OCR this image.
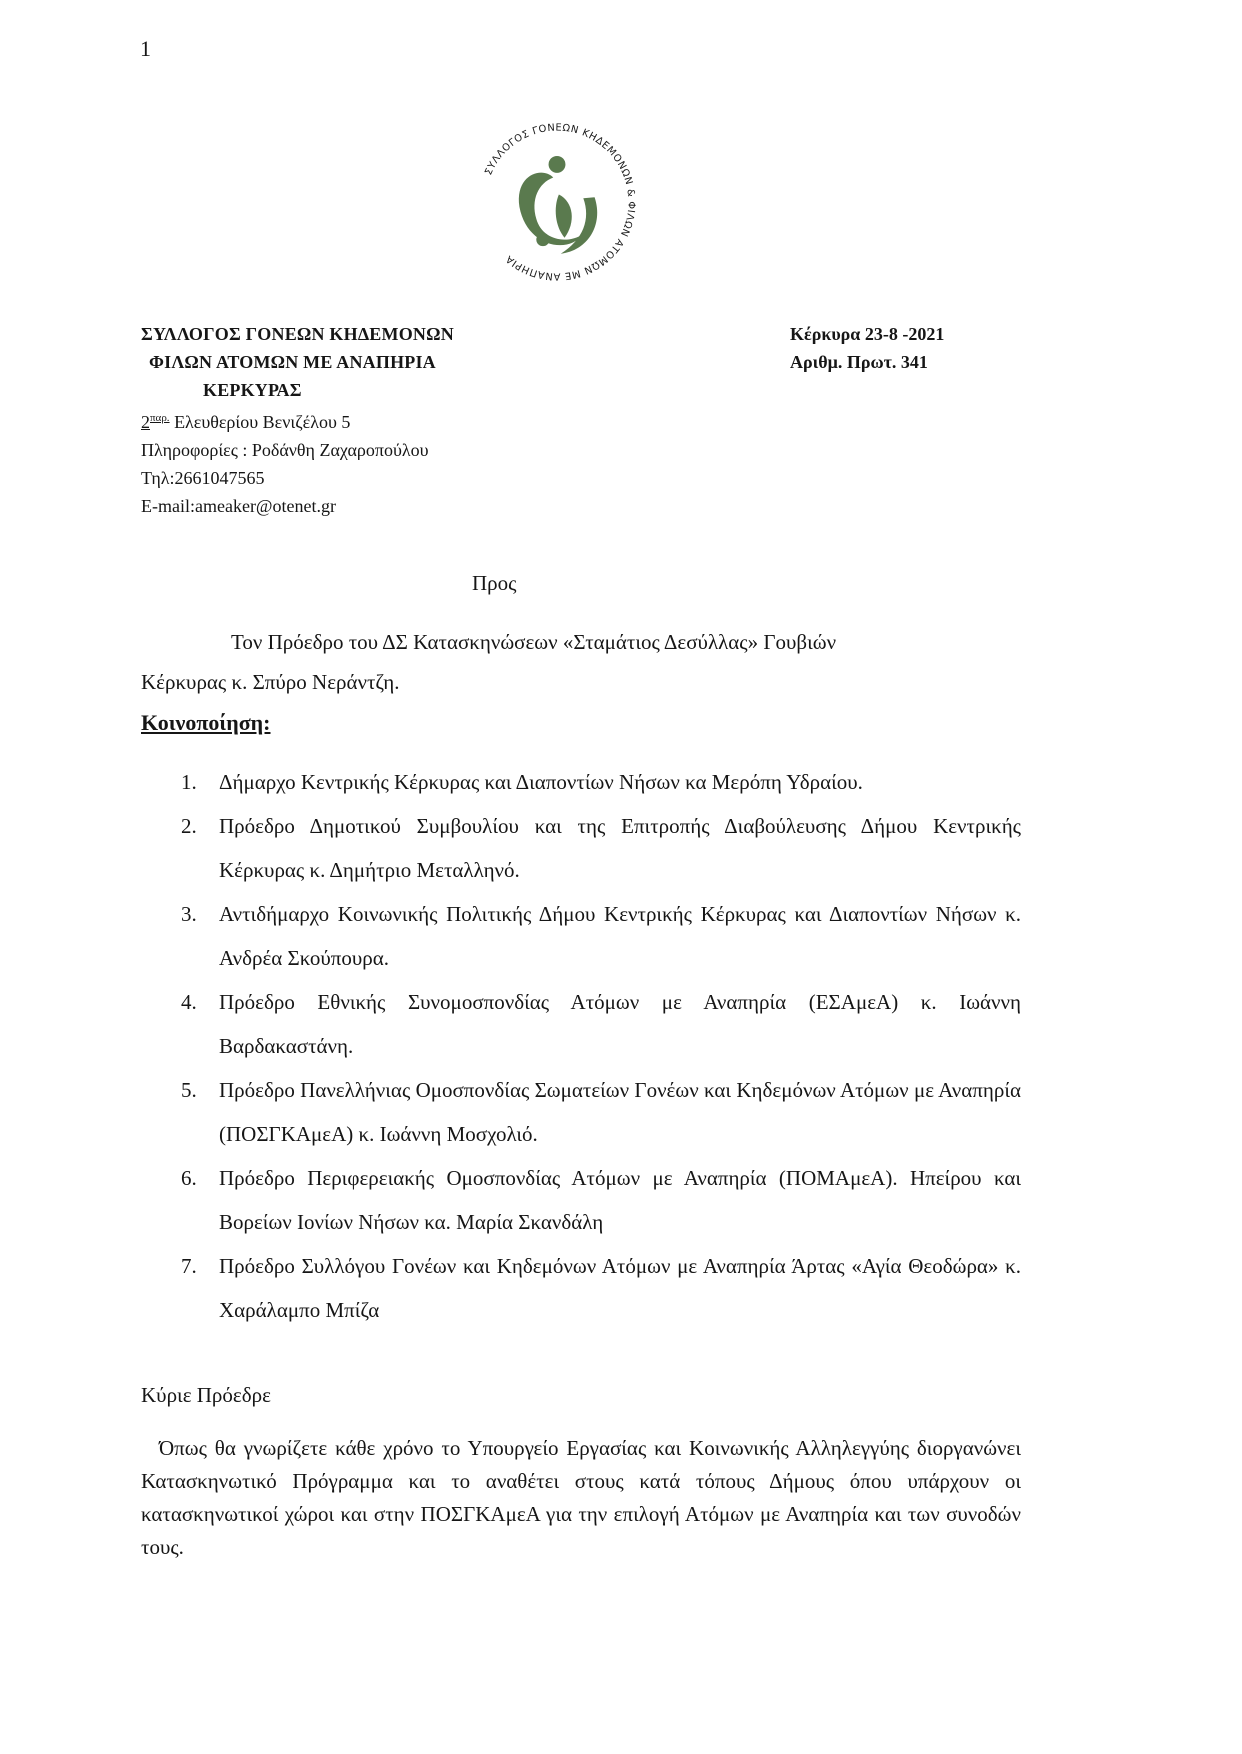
1
ΣΥΛΛΟΓΟΣ ΓΟΝΕΩΝ ΚΗΔΕΜΟΝΩΝ & ΦΙΛΩΝ ΑΤΟΜΩΝ ΜΕ ΑΝΑΠΗΡΙΑ
ΣΥΛΛΟΓΟΣ ΓΟΝΕΩΝ ΚΗΔΕΜΟΝΩΝ
ΦΙΛΩΝ ΑΤΟΜΩΝ ΜΕ ΑΝΑΠΗΡΙΑ
ΚΕΡΚΥΡΑΣ
$2^{\pi\alpha\rho.}$ Ελευθερίου Βενιζέλου 5
Πληροφορίες : Ροδάνθη Ζαχαροπούλου
Τηλ:2661047565
E-mail:ameaker@otenet.gr
Κέρκυρα 23-8 -2021
Αριθμ. Πρωτ. 341
Προς
Τον Πρόεδρο του ΔΣ Κατασκηνώσεων «Σταμάτιος Δεσύλλας» Γουβιών
Κέρκυρας κ. Σπύρο Νεράντζη.
Κοινοποίηση:
1. Δήμαρχο Κεντρικής Κέρκυρας και Διαποντίων Νήσων κα Μερόπη Υδραίου.
2. Πρόεδρο Δημοτικού Συμβουλίου και της Επιτροπής Διαβούλευσης Δήμου Κεντρικής Κέρκυρας κ. Δημήτριο Μεταλληνό.
3. Αντιδήμαρχο Κοινωνικής Πολιτικής Δήμου Κεντρικής Κέρκυρας και Διαποντίων Νήσων κ. Ανδρέα Σκούπουρα.
4. Πρόεδρο Εθνικής Συνομοσπονδίας Ατόμων με Αναπηρία (ΕΣΑμεΑ) κ. Ιωάννη Βαρδακαστάνη.
5. Πρόεδρο Πανελλήνιας Ομοσπονδίας Σωματείων Γονέων και Κηδεμόνων Ατόμων με Αναπηρία (ΠΟΣΓΚΑμεΑ) κ. Ιωάννη Μοσχολιό.
6. Πρόεδρο Περιφερειακής Ομοσπονδίας Ατόμων με Αναπηρία (ΠΟΜΑμεΑ). Ηπείρου και Βορείων Ιονίων Νήσων κα. Μαρία Σκανδάλη
7. Πρόεδρο Συλλόγου Γονέων και Κηδεμόνων Ατόμων με Αναπηρία Άρτας «Αγία Θεοδώρα» κ. Χαράλαμπο Μπίζα
Κύριε Πρόεδρε
Όπως θα γνωρίζετε κάθε χρόνο το Υπουργείο Εργασίας και Κοινωνικής Αλληλεγγύης διοργανώνει Κατασκηνωτικό Πρόγραμμα και το αναθέτει στους κατά τόπους Δήμους όπου υπάρχουν οι κατασκηνωτικοί χώροι και στην ΠΟΣΓΚΑμεΑ για την επιλογή Ατόμων με Αναπηρία και των συνοδών τους.
